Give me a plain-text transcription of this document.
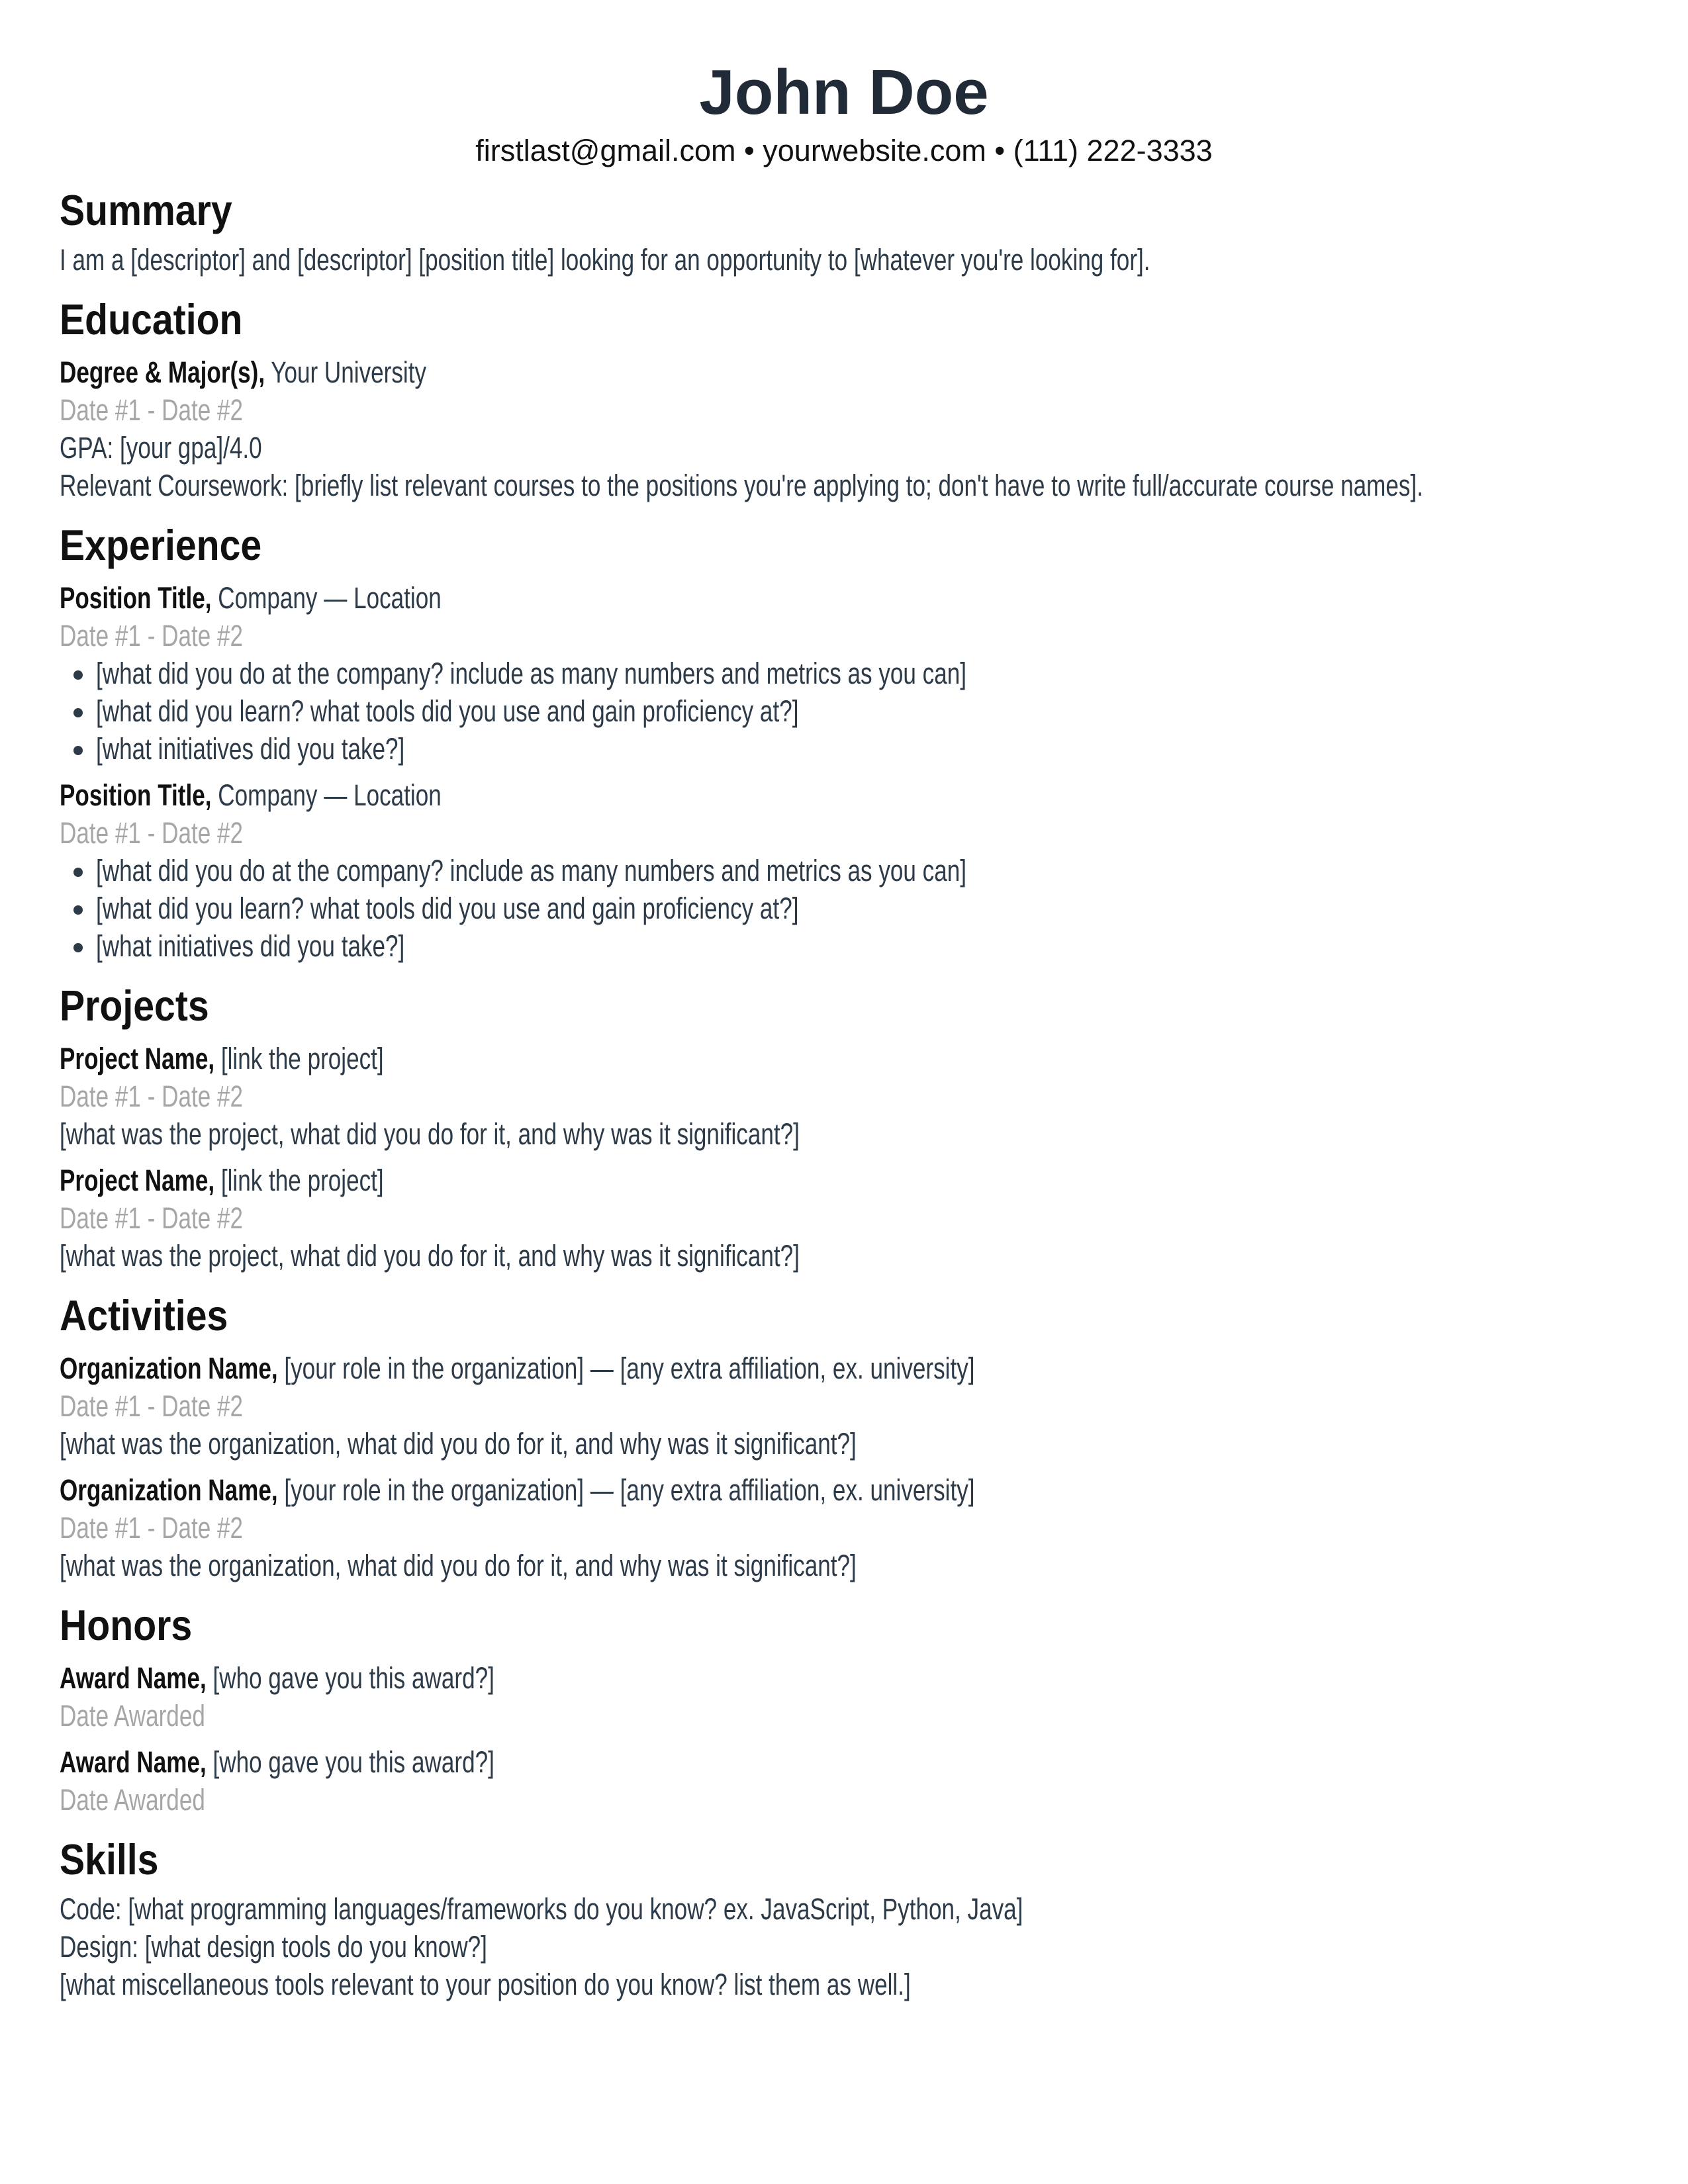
John Doe

firstlast@gmail.com • yourwebsite.com • (111) 222-3333

Summary

I am a [descriptor] and [descriptor] [position title] looking for an opportunity to [whatever you're looking for].

Education

Degree & Major(s), Your University

Date #1 - Date #2

GPA: [your gpa]/4.0

Relevant Coursework: [briefly list relevant courses to the positions you're applying to; don't have to write full/accurate course names].

Experience

Position Title, Company — Location

Date #1 - Date #2

• [what did you do at the company? include as many numbers and metrics as you can]
• [what did you learn? what tools did you use and gain proficiency at?]
• [what initiatives did you take?]

Position Title, Company — Location

Date #1 - Date #2

• [what did you do at the company? include as many numbers and metrics as you can]
• [what did you learn? what tools did you use and gain proficiency at?]
• [what initiatives did you take?]
Projects

Project Name, [link the project]

Date #1 - Date #2

[what was the project, what did you do for it, and why was it significant?]

Project Name, [link the project]

Date #1 - Date #2

[what was the project, what did you do for it, and why was it significant?]

Activities

Organization Name, [your role in the organization] — [any extra affiliation, ex. university]

Date #1 - Date #2

[what was the organization, what did you do for it, and why was it significant?]

Organization Name, [your role in the organization] — [any extra affiliation, ex. university]

Date #1 - Date #2

[what was the organization, what did you do for it, and why was it significant?]

Honors

Award Name, [who gave you this award?]

Date Awarded

Award Name, [who gave you this award?]

Date Awarded

Skills

Code: [what programming languages/frameworks do you know? ex. JavaScript, Python, Java]

Design: [what design tools do you know?]

[what miscellaneous tools relevant to your position do you know? list them as well.]
